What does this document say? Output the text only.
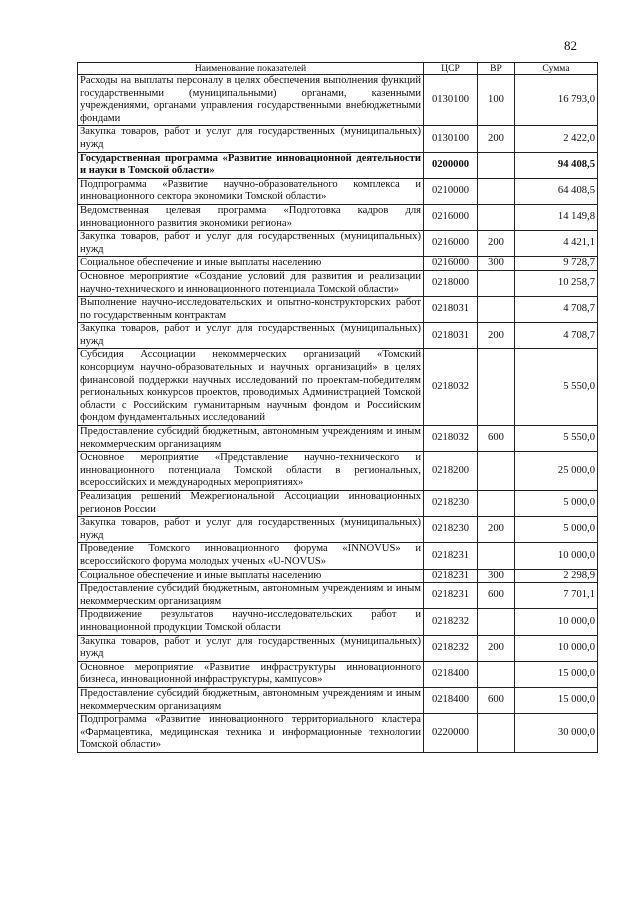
82
Наименование показателей	ЦСР	ВР	Сумма
Расходы на выплаты персоналу в целях обеспечения выполнения функций государственными (муниципальными) органами, казенными учреждениями, органами управления государственными внебюджетными фондами	0130100	100	16 793,0
Закупка товаров, работ и услуг для государственных (муниципальных) нужд	0130100	200	2 422,0
Государственная программа «Развитие инновационной деятельности и науки в Томской области»	0200000		94 408,5
Подпрограмма «Развитие научно-образовательного комплекса и инновационного сектора экономики Томской области»	0210000		64 408,5
Ведомственная целевая программа «Подготовка кадров для инновационного развития экономики региона»	0216000		14 149,8
Закупка товаров, работ и услуг для государственных (муниципальных) нужд	0216000	200	4 421,1
Социальное обеспечение и иные выплаты населению	0216000	300	9 728,7
Основное мероприятие «Создание условий для развития и реализации научно-технического и инновационного потенциала Томской области»	0218000		10 258,7
Выполнение научно-исследовательских и опытно-конструкторских работ по государственным контрактам	0218031		4 708,7
Закупка товаров, работ и услуг для государственных (муниципальных) нужд	0218031	200	4 708,7
Субсидия Ассоциации некоммерческих организаций «Томский консорциум научно-образовательных и научных организаций» в целях финансовой поддержки научных исследований по проектам-победителям региональных конкурсов проектов, проводимых Администрацией Томской области с Российским гуманитарным научным фондом и Российским фондом фундаментальных исследований	0218032		5 550,0
Предоставление субсидий бюджетным, автономным учреждениям и иным некоммерческим организациям	0218032	600	5 550,0
Основное мероприятие «Представление научно-технического и инновационного потенциала Томской области в региональных, всероссийских и международных мероприятиях»	0218200		25 000,0
Реализация решений Межрегиональной Ассоциации инновационных регионов России	0218230		5 000,0
Закупка товаров, работ и услуг для государственных (муниципальных) нужд	0218230	200	5 000,0
Проведение Томского инновационного форума «INNOVUS» и всероссийского форума молодых ученых «U-NOVUS»	0218231		10 000,0
Социальное обеспечение и иные выплаты населению	0218231	300	2 298,9
Предоставление субсидий бюджетным, автономным учреждениям и иным некоммерческим организациям	0218231	600	7 701,1
Продвижение результатов научно-исследовательских работ и инновационной продукции Томской области	0218232		10 000,0
Закупка товаров, работ и услуг для государственных (муниципальных) нужд	0218232	200	10 000,0
Основное мероприятие «Развитие инфраструктуры инновационного бизнеса, инновационной инфраструктуры, кампусов»	0218400		15 000,0
Предоставление субсидий бюджетным, автономным учреждениям и иным некоммерческим организациям	0218400	600	15 000,0
Подпрограмма «Развитие инновационного территориального кластера «Фармацевтика, медицинская техника и информационные технологии Томской области»	0220000		30 000,0
